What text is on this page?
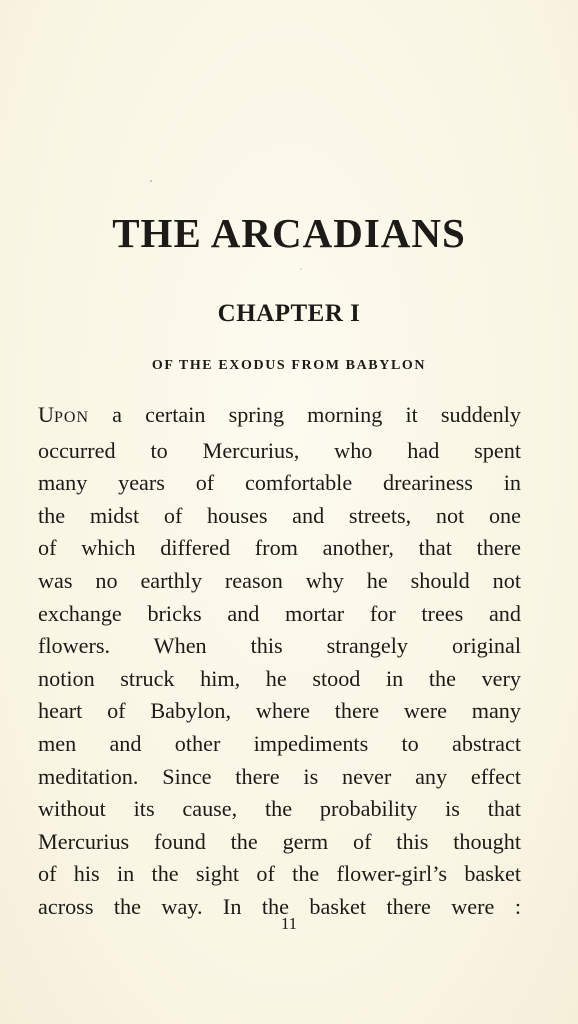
THE ARCADIANS
CHAPTER I
OF THE EXODUS FROM BABYLON
UPON a certain spring morning it suddenly
occurred to Mercurius, who had spent
many years of comfortable dreariness in
the midst of houses and streets, not one
of which differed from another, that there
was no earthly reason why he should not
exchange bricks and mortar for trees and
flowers. When this strangely original
notion struck him, he stood in the very
heart of Babylon, where there were many
men and other impediments to abstract
meditation. Since there is never any effect
without its cause, the probability is that
Mercurius found the germ of this thought
of his in the sight of the flower-girl’s basket
across the way. In the basket there were :
11
